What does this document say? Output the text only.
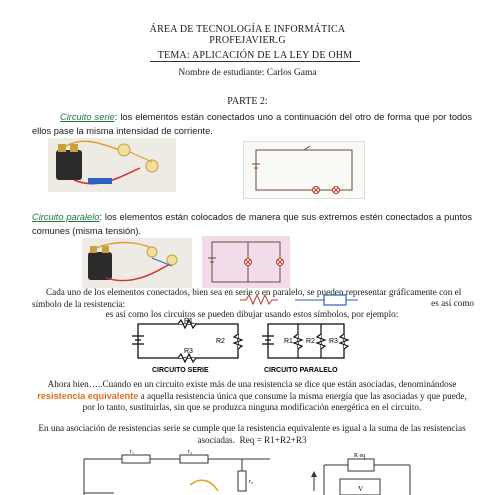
ÁREA DE TECNOLOGÍA E INFORMÁTICA
PROFEJAVIER.G
TEMA: APLICACIÓN DE LA LEY DE OHM
Nombre de estudiante: Carlos Gama
PARTE 2:
Circuito serie: los elementos están conectados uno a continuación del otro de forma que por todos ellos pase la misma intensidad de corriente.
Circuito paralelo: los elementos están colocados de manera que sus extremos estén conectados a puntos comunes (misma tensión).
Cada uno de los elementos conectados, bien sea en serie o en paralelo, se pueden representar gráficamente con el símbolo de la resistencia:	es así como
es así como los circuitos se pueden dibujar usando estos símbolos, por ejemplo:
R1
R2
R3
R1 R2 R3
CIRCUITO SERIE	CIRCUITO PARALELO
Ahora bien…..Cuando en un circuito existe más de una resistencia se dice que están asociadas, denominándose resistencia equivalente a aquella resistencia única que consume la misma energía que las asociadas y que puede, por lo tanto, sustituirlas, sin que se produzca ninguna modificación energética en el circuito.
En una asociación de resistencias serie se cumple que la resistencia equivalente es igual a la suma de las resistencias asociadas. Req = R1+R2+R3
r₁	r₂
r₃
R eq
V
